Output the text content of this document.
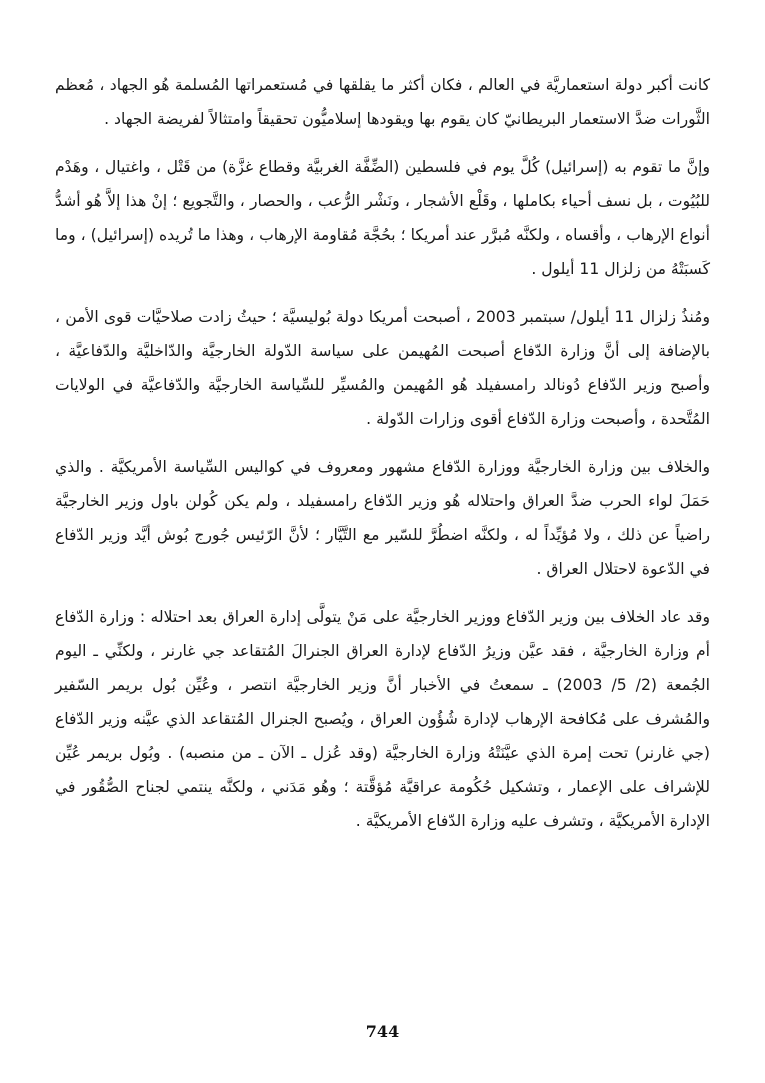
كانت أكبر دولة استعماريَّة في العالم ، فكان أكثر ما يقلقها في مُستعمراتها المُسلمة هُو الجهاد ، مُعظم الثَّورات ضدَّ الاستعمار البريطانيّ كان يقوم بها ويقودها إسلاميُّون تحقيقاً وامتثالاً لفريضة الجهاد .

وإنَّ ما تقوم به (إسرائيل) كُلَّ يوم في فلسطين (الضِّفَّة الغربيَّة وقطاع غزَّة) من قَتْل ، واغتيال ، وهَدْم للبُيُوت ، بل نسف أحياء بكاملها ، وقَلْع الأشجار ، ونَشْر الرُّعب ، والحصار ، والتَّجويع ؛ إنْ هذا إلاَّ هُو أشدُّ أنواع الإرهاب ، وأقساه ، ولكنَّه مُبرَّر عند أمريكا ؛ بحُجَّة مُقاومة الإرهاب ، وهذا ما تُريده (إسرائيل) ، وما كَسبَتْهُ من زلزال 11 أيلول .

ومُنذُ زلزال 11 أيلول/ سبتمبر 2003 ، أصبحت أمريكا دولة بُوليسيَّة ؛ حيثُ زادت صلاحيَّات قوى الأمن ، بالإضافة إلى أنَّ وزارة الدّفاع أصبحت المُهيمن على سياسة الدّولة الخارجيَّة والدّاخليَّة والدّفاعيَّة ، وأصبح وزير الدّفاع دُونالد رامسفيلد هُو المُهيمن والمُسيِّر للسِّياسة الخارجيَّة والدّفاعيَّة في الولايات المُتَّحدة ، وأصبحت وزارة الدّفاع أقوى وزارات الدّولة .

والخلاف بين وزارة الخارجيَّة ووزارة الدّفاع مشهور ومعروف في كواليس السِّياسة الأمريكيَّة . والذي حَمَلَ لواء الحرب ضدَّ العراق واحتلاله هُو وزير الدّفاع رامسفيلد ، ولم يكن كُولن باول وزير الخارجيَّة راضياً عن ذلك ، ولا مُؤيِّداً له ، ولكنَّه اضطُرَّ للسّير مع التَّيَّار ؛ لأنَّ الرّئيس جُورج بُوش أيَّد وزير الدّفاع في الدّعوة لاحتلال العراق .

وقد عاد الخلاف بين وزير الدّفاع ووزير الخارجيَّة على مَنْ يتولَّى إدارة العراق بعد احتلاله : وزارة الدّفاع أم وزارة الخارجيَّة ، فقد عيَّن وزيرُ الدّفاع لإدارة العراق الجنرالَ المُتقاعد جي غارنر ، ولكنِّي ـ اليوم الجُمعة (2/ 5/ 2003) ـ سمعتُ في الأخبار أنَّ وزير الخارجيَّة انتصر ، وعُيِّن بُول بريمر السّفير والمُشرف على مُكافحة الإرهاب لإدارة شُؤُون العراق ، ويُصبح الجنرال المُتقاعد الذي عيَّنه وزير الدّفاع (جي غارنر) تحت إمرة الذي عيَّنَتْهُ وزارة الخارجيَّة (وقد عُزل ـ الآن ـ من منصبه) . وبُول بريمر عُيِّن للإشراف على الإعمار ، وتشكيل حُكُومة عراقيَّة مُؤقَّتة ؛ وهُو مَدَني ، ولكنَّه ينتمي لجناح الصُّقُور في الإدارة الأمريكيَّة ، وتشرف عليه وزارة الدّفاع الأمريكيَّة .

744
